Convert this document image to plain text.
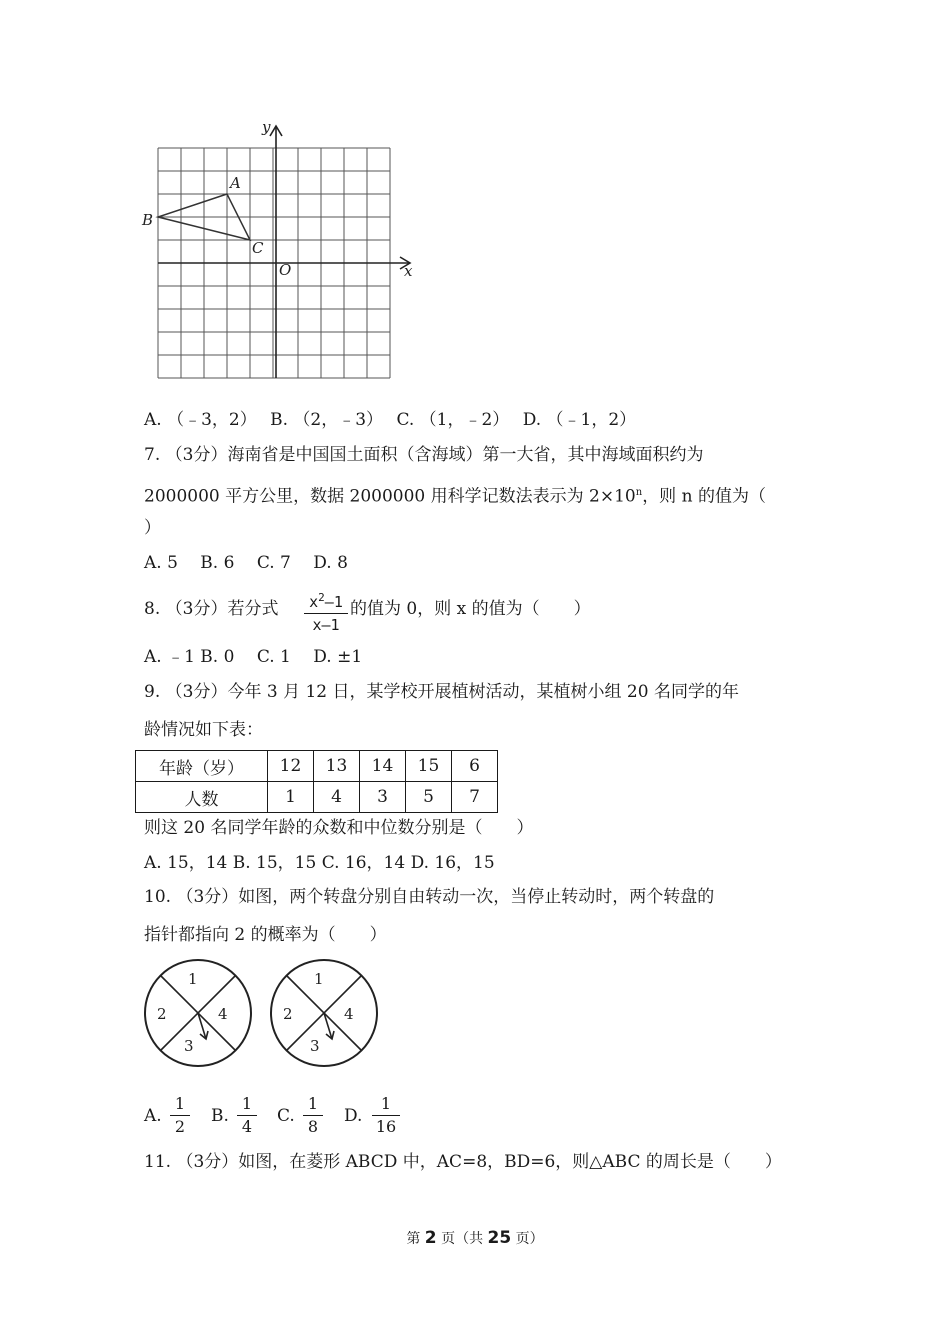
y
x
A
B
C
O
A. （﹣3，2） B. （2，﹣3） C. （1，﹣2） D. （﹣1，2）
7. （3分）海南省是中国国土面积（含海域）第一大省，其中海域面积约为
2000000 平方公里，数据 2000000 用科学记数法表示为 $2\times 10^n$，则 n 的值为（
）
A. 5　 B. 6　 C. 7　 D. 8
8. （3分）若分式	$x^2-1$
x–1
的值为 0，则 x 的值为（　　）
A. ﹣1 B. 0　 C. 1　 D. ±1
9. （3分）今年 3 月 12 日，某学校开展植树活动，某植树小组 20 名同学的年
龄情况如下表：
年龄（岁）	12	13	14	15	6
人数	1	4	3	5	7
则这 20 名同学年龄的众数和中位数分别是（　　）
A. 15，14 B. 15，15 C. 16，14 D. 16，15
10. （3分）如图，两个转盘分别自由转动一次，当停止转动时，两个转盘的
指针都指向 2 的概率为（　　）
1
2
3
4
1
2
3
4
A.
1
2
B.
1
4
C.
1
8
D.
1
16
11. （3分）如图，在菱形 ABCD 中，AC=8，BD=6，则△ABC 的周长是（　　）
第 2 页（共 25 页）
